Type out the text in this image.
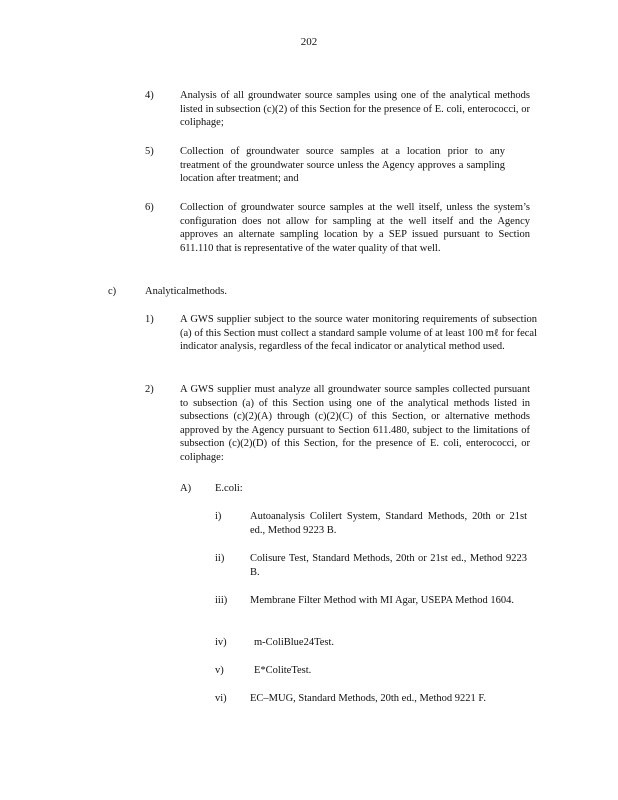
202
4)	Analysis of all groundwater source samples using one of the analytical methods listed in subsection (c)(2) of this Section for the presence of E. coli, enterococci, or coliphage;
5)	Collection of groundwater source samples at a location prior to any treatment of the groundwater source unless the Agency approves a sampling location after treatment; and
6)	Collection of groundwater source samples at the well itself, unless the system’s configuration does not allow for sampling at the well itself and the Agency approves an alternate sampling location by a SEP issued pursuant to Section 611.110 that is representative of the water quality of that well.
c)	Analyticalmethods.
1)	A GWS supplier subject to the source water monitoring requirements of subsection (a) of this Section must collect a standard sample volume of at least 100 mℓ for fecal indicator analysis, regardless of the fecal indicator or analytical method used.
2)	A GWS supplier must analyze all groundwater source samples collected pursuant to subsection (a) of this Section using one of the analytical methods listed in subsections (c)(2)(A) through (c)(2)(C) of this Section, or alternative methods approved by the Agency pursuant to Section 611.480, subject to the limitations of subsection (c)(2)(D) of this Section, for the presence of E. coli, enterococci, or coliphage:
A) E.coli:
i)	Autoanalysis Colilert System, Standard Methods, 20th or 21st ed., Method 9223 B.
ii) Colisure Test, Standard Methods, 20th or 21st ed., Method 9223 B.
iii) Membrane Filter Method with MI Agar, USEPA Method 1604.
iv)	m-ColiBlue24Test.
v)	E*ColiteTest.
vi) EC–MUG, Standard Methods, 20th ed., Method 9221 F.
